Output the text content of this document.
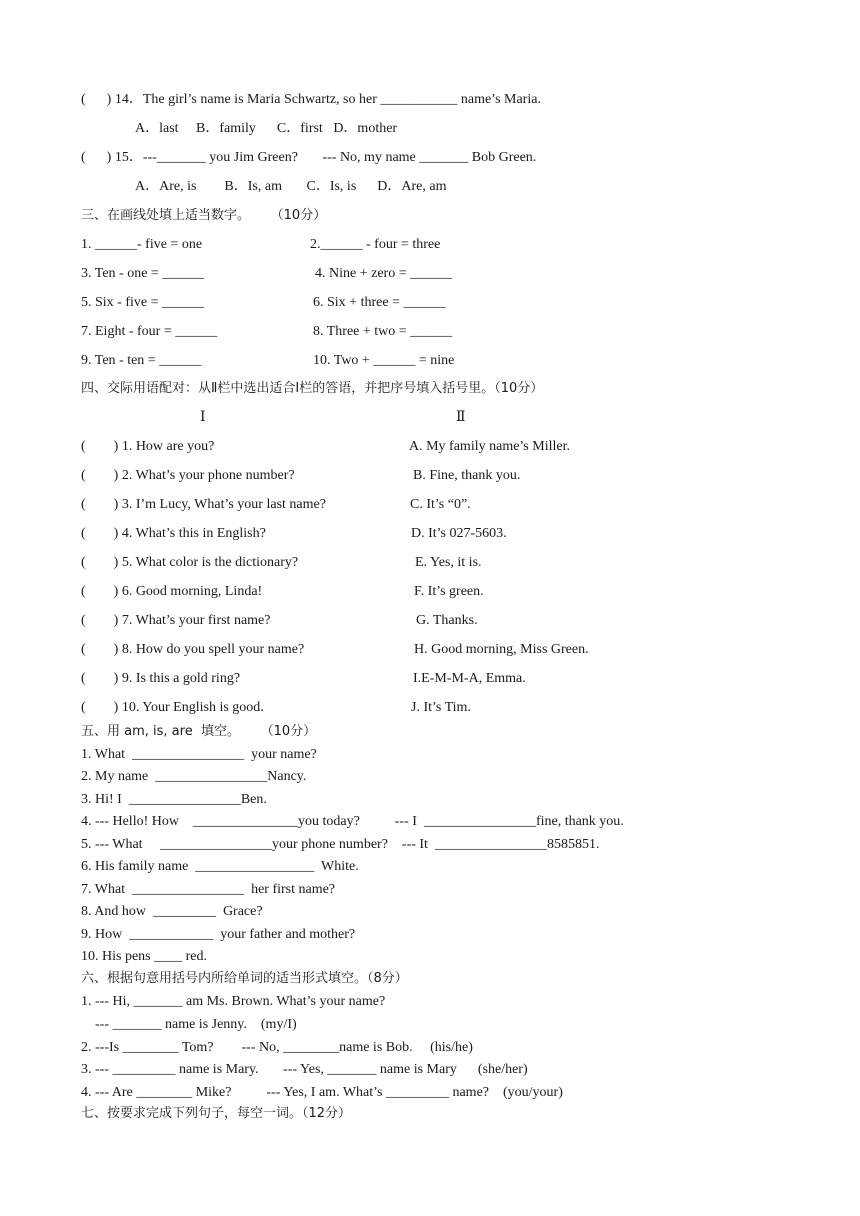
(      ) 14．The girl’s name is Maria Schwartz, so her ___________ name’s Maria.
A．last     B．family      C．first   D．mother
(      ) 15．---_______ you Jim Green?       --- No, my name _______ Bob Green.
A．Are, is        B．Is, am       C．Is, is      D．Are, am
三、在画线处填上适当数字。     （10分）
1. ______- five = one	2.______ - four = three
3. Ten - one = ______	4. Nine + zero = ______
5. Six - five = ______	6. Six + three = ______
7. Eight - four = ______	8. Three + two = ______
9. Ten - ten = ______	10. Two + ______ = nine
四、交际用语配对：从Ⅱ栏中选出适合Ⅰ栏的答语，并把序号填入括号里。（10分）
Ⅰ	Ⅱ
(        ) 1. How are you?	A. My family name’s Miller.
(        ) 2. What’s your phone number?	B. Fine, thank you.
(        ) 3. I’m Lucy, What’s your last name?	C. It’s “0”.
(        ) 4. What’s this in English?	D. It’s 027-5603.
(        ) 5. What color is the dictionary?	E. Yes, it is.
(        ) 6. Good morning, Linda!	F. It’s green.
(        ) 7. What’s your first name?	G. Thanks.
(        ) 8. How do you spell your name?	H. Good morning, Miss Green.
(        ) 9. Is this a gold ring?	I.E-M-M-A, Emma.
(        ) 10. Your English is good.	J. It’s Tim.
五、用 am, is, are  填空。     （10分）
1. What  ________________  your name?
2. My name  ________________Nancy.
3. Hi! I  ________________Ben.
4. --- Hello! How    _______________you today?          --- I  ________________fine, thank you.
5. --- What     ________________your phone number?    --- It  ________________8585851.
6. His family name  _________________  White.
7. What  ________________  her first name?
8. And how  _________  Grace?
9. How  ____________  your father and mother?
10. His pens ____ red.
六、根据句意用括号内所给单词的适当形式填空。（8分）
1. --- Hi, _______ am Ms. Brown. What’s your name?
--- _______ name is Jenny.    (my/I)
2. ---Is ________ Tom?        --- No, ________name is Bob.     (his/he)
3. --- _________ name is Mary.       --- Yes, _______ name is Mary      (she/her)
4. --- Are ________ Mike?          --- Yes, I am. What’s _________ name?    (you/your)
七、按要求完成下列句子，每空一词。（12分）
